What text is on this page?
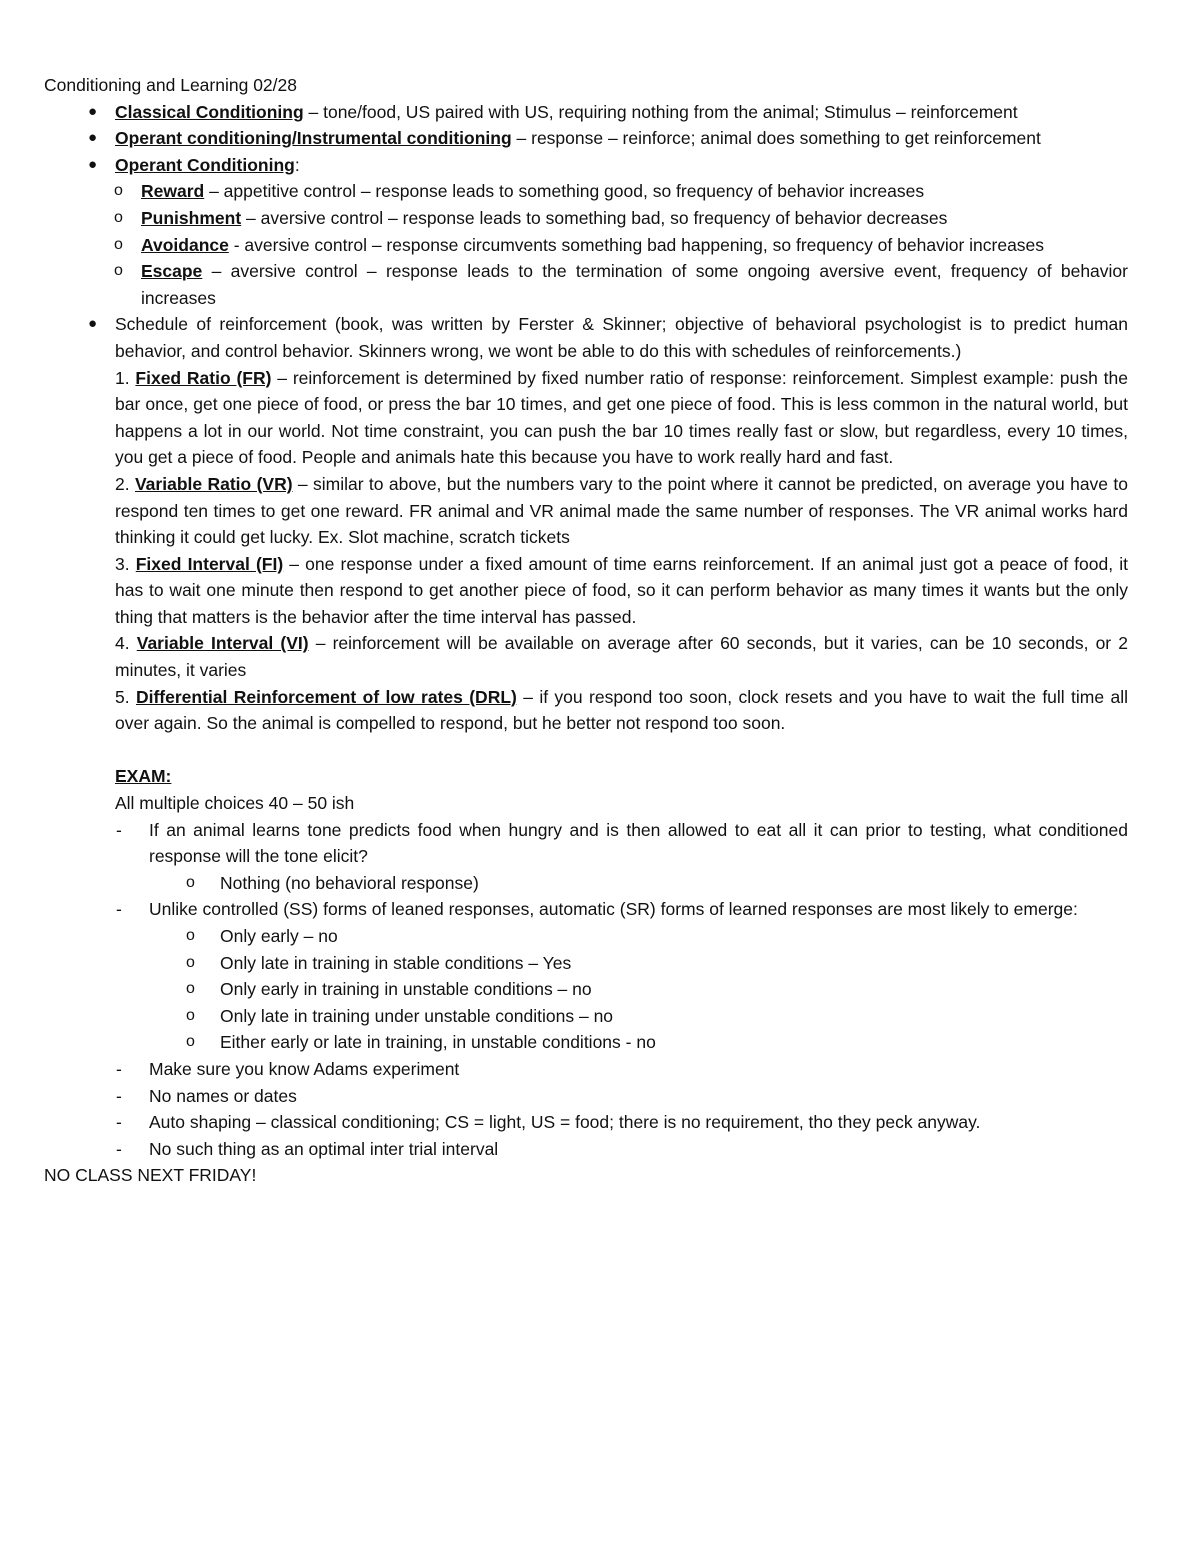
Conditioning and Learning 02/28

● Classical Conditioning – tone/food, US paired with US, requiring nothing from the animal; Stimulus – reinforcement
● Operant conditioning/Instrumental conditioning – response – reinforce; animal does something to get reinforcement
● Operant Conditioning:
o Reward – appetitive control – response leads to something good, so frequency of behavior increases
o Punishment – aversive control – response leads to something bad, so frequency of behavior decreases
o Avoidance - aversive control – response circumvents something bad happening, so frequency of behavior increases
o Escape – aversive control – response leads to the termination of some ongoing aversive event, frequency of behavior increases
● Schedule of reinforcement (book, was written by Ferster & Skinner; objective of behavioral psychologist is to predict human behavior, and control behavior. Skinners wrong, we wont be able to do this with schedules of reinforcements.)
1. Fixed Ratio (FR) – reinforcement is determined by fixed number ratio of response: reinforcement. Simplest example: push the bar once, get one piece of food, or press the bar 10 times, and get one piece of food. This is less common in the natural world, but happens a lot in our world. Not time constraint, you can push the bar 10 times really fast or slow, but regardless, every 10 times, you get a piece of food. People and animals hate this because you have to work really hard and fast.
2. Variable Ratio (VR) – similar to above, but the numbers vary to the point where it cannot be predicted, on average you have to respond ten times to get one reward. FR animal and VR animal made the same number of responses. The VR animal works hard thinking it could get lucky. Ex. Slot machine, scratch tickets
3. Fixed Interval (FI) – one response under a fixed amount of time earns reinforcement. If an animal just got a peace of food, it has to wait one minute then respond to get another piece of food, so it can perform behavior as many times it wants but the only thing that matters is the behavior after the time interval has passed.
4. Variable Interval (VI) – reinforcement will be available on average after 60 seconds, but it varies, can be 10 seconds, or 2 minutes, it varies
5. Differential Reinforcement of low rates (DRL) – if you respond too soon, clock resets and you have to wait the full time all over again. So the animal is compelled to respond, but he better not respond too soon.
EXAM:
All multiple choices 40 – 50 ish
- If an animal learns tone predicts food when hungry and is then allowed to eat all it can prior to testing, what conditioned response will the tone elicit?
o Nothing (no behavioral response)
- Unlike controlled (SS) forms of leaned responses, automatic (SR) forms of learned responses are most likely to emerge:
o Only early – no
o Only late in training in stable conditions – Yes
o Only early in training in unstable conditions – no
o Only late in training under unstable conditions – no
o Either early or late in training, in unstable conditions - no
- Make sure you know Adams experiment
- No names or dates
- Auto shaping – classical conditioning; CS = light, US = food; there is no requirement, tho they peck anyway.
- No such thing as an optimal inter trial interval

NO CLASS NEXT FRIDAY!
